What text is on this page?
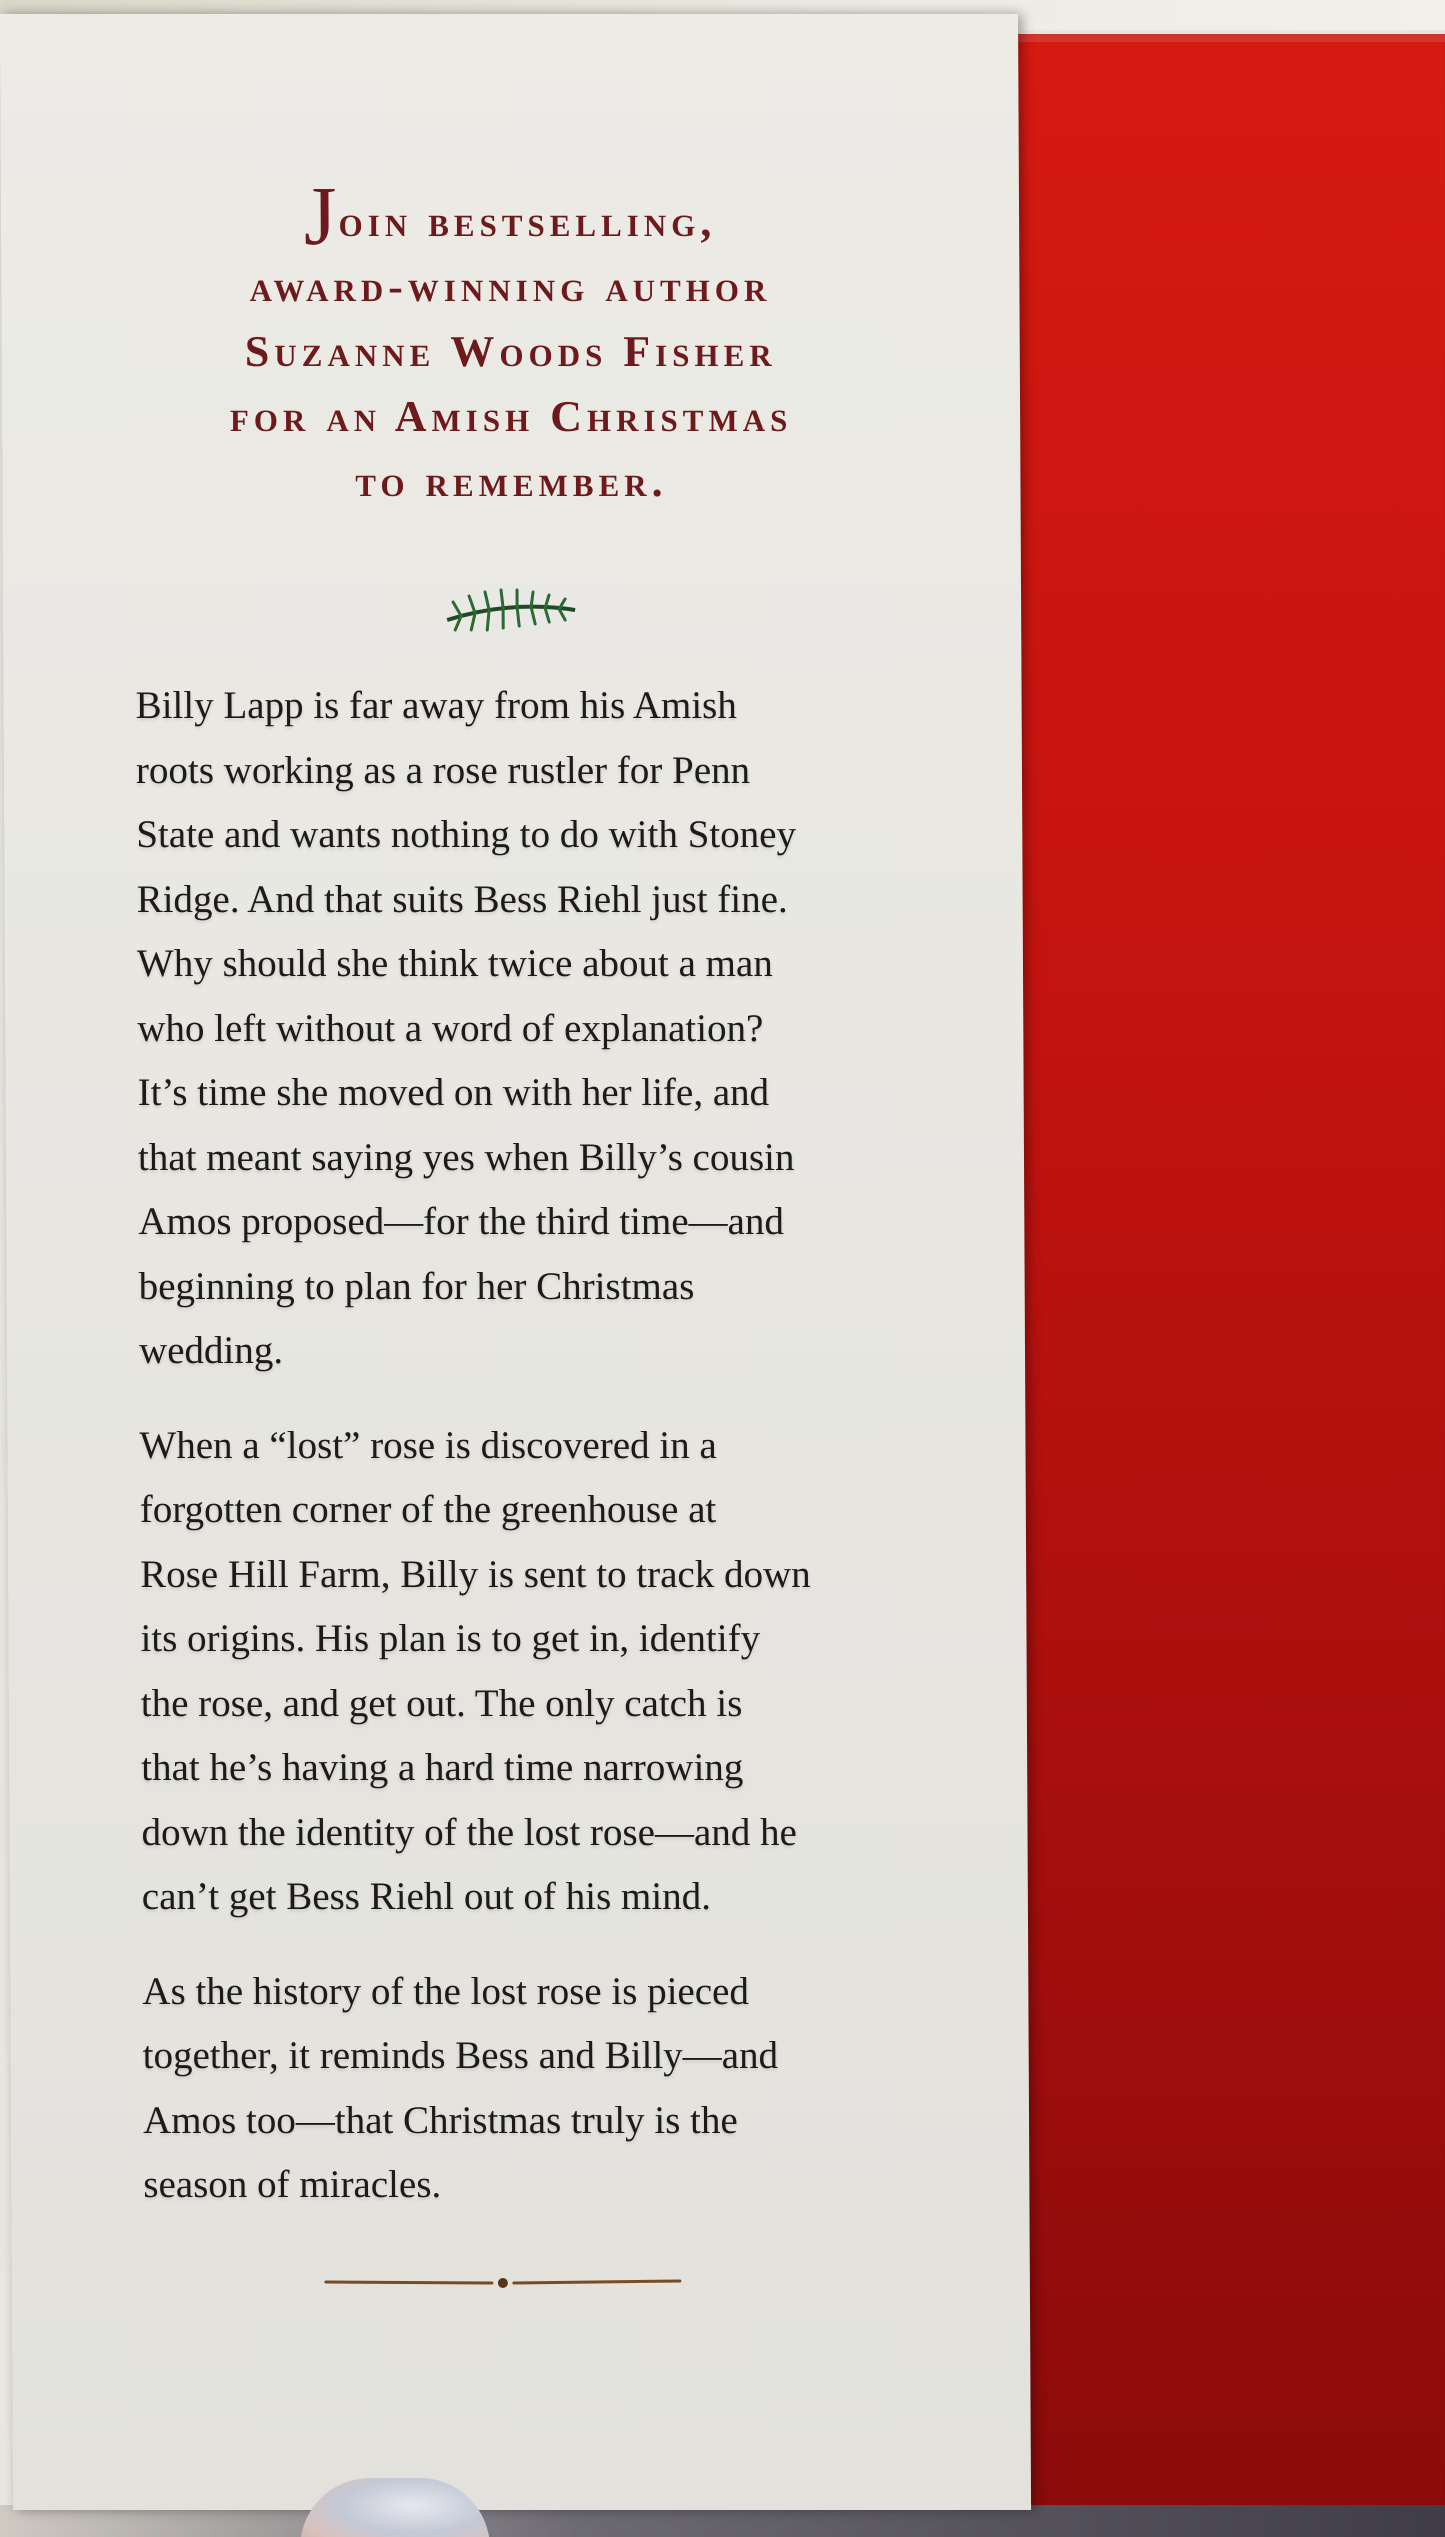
Join bestselling,
award-winning author
Suzanne Woods Fisher
for an Amish Christmas
to remember.

Billy Lapp is far away from his Amish
roots working as a rose rustler for Penn
State and wants nothing to do with Stoney
Ridge. And that suits Bess Riehl just fine.
Why should she think twice about a man
who left without a word of explanation?
It’s time she moved on with her life, and
that meant saying yes when Billy’s cousin
Amos proposed—for the third time—and
beginning to plan for her Christmas
wedding.

When a “lost” rose is discovered in a
forgotten corner of the greenhouse at
Rose Hill Farm, Billy is sent to track down
its origins. His plan is to get in, identify
the rose, and get out. The only catch is
that he’s having a hard time narrowing
down the identity of the lost rose—and he
can’t get Bess Riehl out of his mind.

As the history of the lost rose is pieced
together, it reminds Bess and Billy—and
Amos too—that Christmas truly is the
season of miracles.
